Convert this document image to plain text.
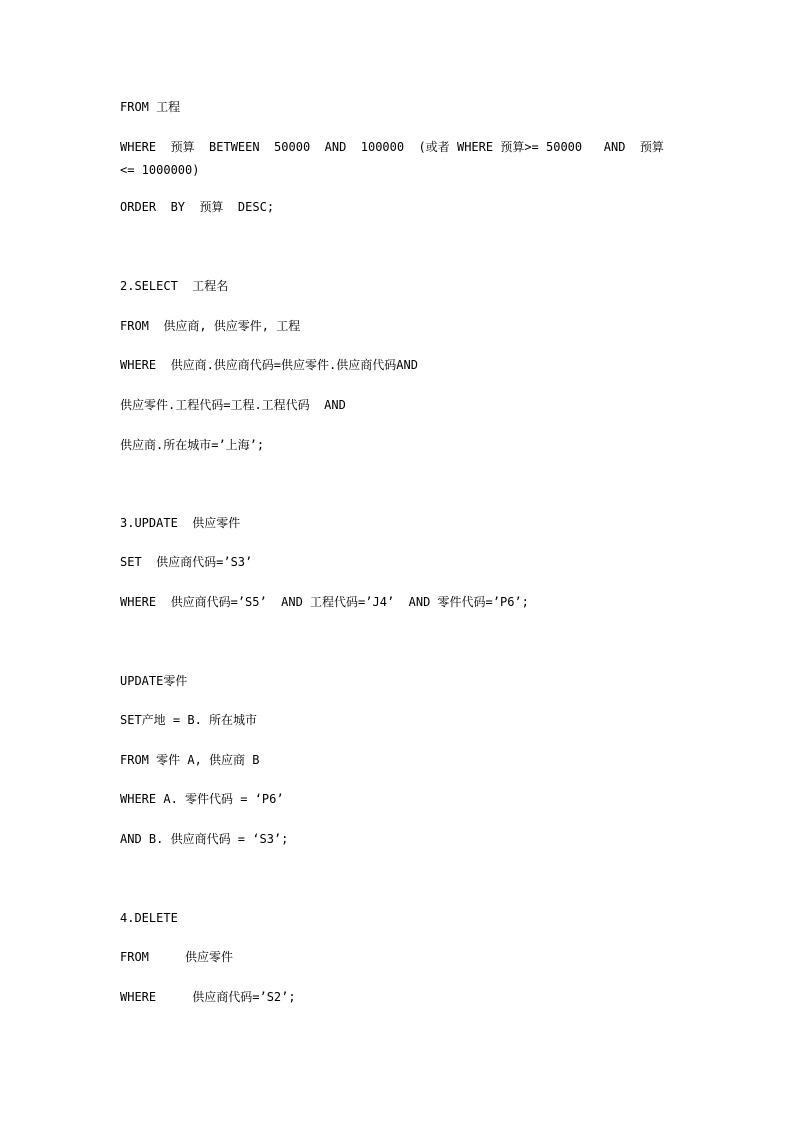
FROM 工程
WHERE  预算  BETWEEN  50000  AND  100000  (或者 WHERE 预算>= 50000   AND  预算
<= 1000000)
ORDER  BY  预算  DESC;
2.SELECT  工程名
FROM  供应商, 供应零件, 工程
WHERE  供应商.供应商代码=供应零件.供应商代码AND
供应零件.工程代码=工程.工程代码  AND
供应商.所在城市=’上海’;
3.UPDATE  供应零件
SET  供应商代码=’S3’
WHERE  供应商代码=’S5’  AND 工程代码=’J4’  AND 零件代码=’P6’;
UPDATE零件
SET产地 = B. 所在城市
FROM 零件 A, 供应商 B
WHERE A. 零件代码 = ‘P6’
AND B. 供应商代码 = ‘S3’;
4.DELETE
FROM     供应零件
WHERE     供应商代码=’S2’;
